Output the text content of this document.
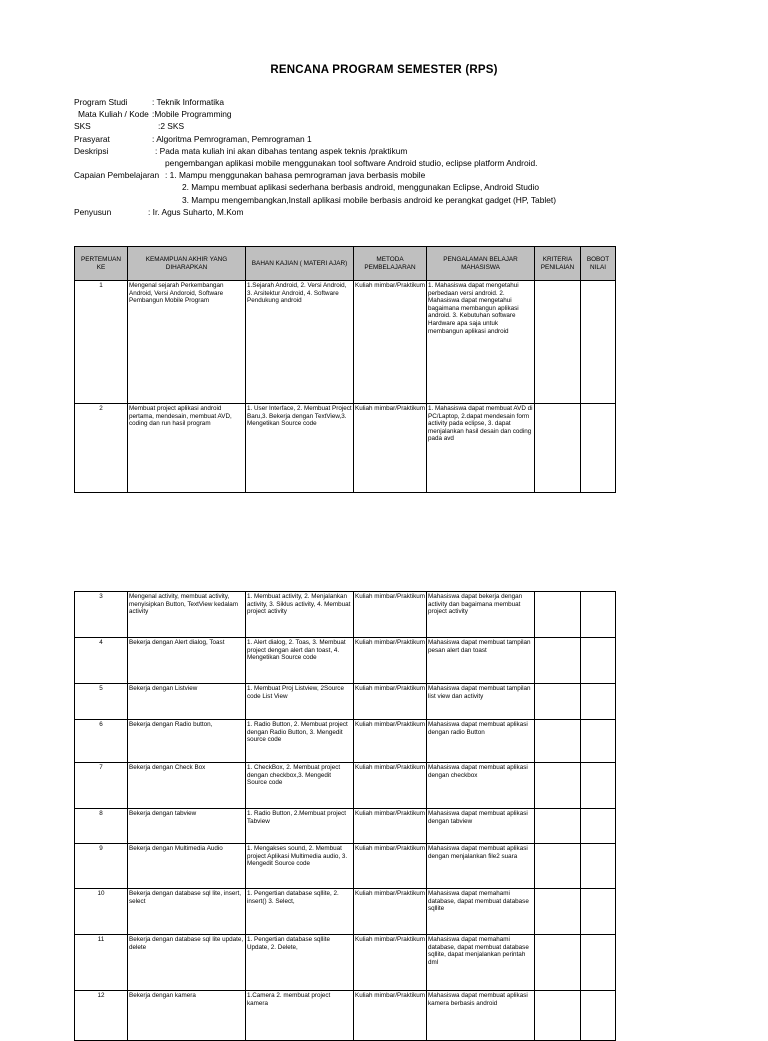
RENCANA PROGRAM SEMESTER (RPS)
Program Studi	: Teknik Informatika
Mata Kuliah / Kode :Mobile Programming
SKS	:2 SKS
Prasyarat	: Algoritma Pemrograman, Pemrograman 1
Deskripsi	: Pada mata kuliah ini akan dibahas tentang aspek teknis /praktikum
pengembangan aplikasi mobile menggunakan tool software Android studio, eclipse platform Android.
Capaian Pembelajaran : 1. Mampu menggunakan bahasa pemrograman java berbasis mobile
2. Mampu membuat aplikasi sederhana berbasis android, menggunakan Eclipse, Android Studio
3. Mampu mengembangkan,Install aplikasi mobile berbasis android ke perangkat gadget (HP, Tablet)
Penyusun	: Ir. Agus Suharto, M.Kom
PERTEMUAN KE	KEMAMPUAN AKHIR YANG DIHARAPKAN	BAHAN KAJIAN ( MATERI AJAR)	METODA PEMBELAJARAN	PENGALAMAN BELAJAR MAHASISWA	KRITERIA PENILAIAN	BOBOT NILAI
1	Mengenal sejarah Perkembangan Android, Versi Andoroid, Software Pembangun Mobile Program	1.Sejarah Android, 2. Versi Android, 3. Arsitektur Android, 4. Software Pendukung android	Kuliah mimbar/Praktikum	1. Mahasiswa dapat mengetahui perbedaan versi android. 2. Mahasiswa dapat mengetahui bagaimana membangun aplikasi android. 3. Kebutuhan software Hardware apa saja untuk membangun aplikasi android		
2	Membuat project aplikasi android pertama, mendesain, membuat AVD, coding dan run hasil program	1. User Interface, 2. Membuat Project Baru,3. Bekerja dengan TextView,3. Mengetikan Source code	Kuliah mimbar/Praktikum	1. Mahasiswa dapat membuat AVD di PC/Laptop, 2.dapat mendesain form activity pada eclipse, 3. dapat menjalankan hasil desain dan coding pada avd		
3	Mengenal activity, membuat activity, menyisipkan Button, TextView kedalam activity	1. Membuat activity, 2. Menjalankan activity, 3. Siklus activity, 4. Membuat project activity	Kuliah mimbar/Praktikum	Mahasiswa dapat bekerja dengan activity dan bagaimana membuat project activity		
4	Bekerja dengan Alert dialog, Toast	1. Alert dialog, 2. Toas, 3. Membuat project dengan alert dan toast, 4. Mengetikan Source code	Kuliah mimbar/Praktikum	Mahasiswa dapat membuat tampilan pesan alert dan toast		
5	Bekerja dengan Listview	1. Membuat Proj Listview, 2Source code List View	Kuliah mimbar/Praktikum	Mahasiswa dapat membuat tampilan list view dan activity		
6	Bekerja dengan Radio button,	1. Radio Button, 2. Membuat project dengan Radio Button, 3. Mengedit source code	Kuliah mimbar/Praktikum	Mahasiswa dapat membuat aplikasi dengan radio Button		
7	Bekerja dengan Check Box	1. CheckBox, 2. Membuat project dengan checkbox,3. Mengedit Source code	Kuliah mimbar/Praktikum	Mahasiswa dapat membuat aplikasi dengan checkbox		
8	Bekerja dengan tabview	1. Radio Button, 2.Membuat project Tabview	Kuliah mimbar/Praktikum	Mahasiswa dapat membuat aplikasi dengan tabview		
9	Bekerja dengan Multimedia Audio	1. Mengakses sound, 2. Membuat project Aplikasi Multimedia audio, 3. Mengedit Source code	Kuliah mimbar/Praktikum	Mahasiswa dapat membuat aplikasi dengan menjalankan file2 suara		
10	Bekerja dengan database sql lite, insert, select	1. Pengertian database sqllite, 2. insert() 3. Select,	Kuliah mimbar/Praktikum	Mahasiswa dapat memahami database, dapat membuat database sqllite		
11	Bekerja dengan database sql lite update, delete	1. Pengertian database sqllite Update, 2. Delete,	Kuliah mimbar/Praktikum	Mahasiswa dapat memahami database, dapat membuat database sqllite, dapat menjalankan perintah dml		
12	Bekerja dengan kamera	1.Camera 2. membuat project kamera	Kuliah mimbar/Praktikum	Mahasiswa dapat membuat aplikasi kamera berbasis android		
